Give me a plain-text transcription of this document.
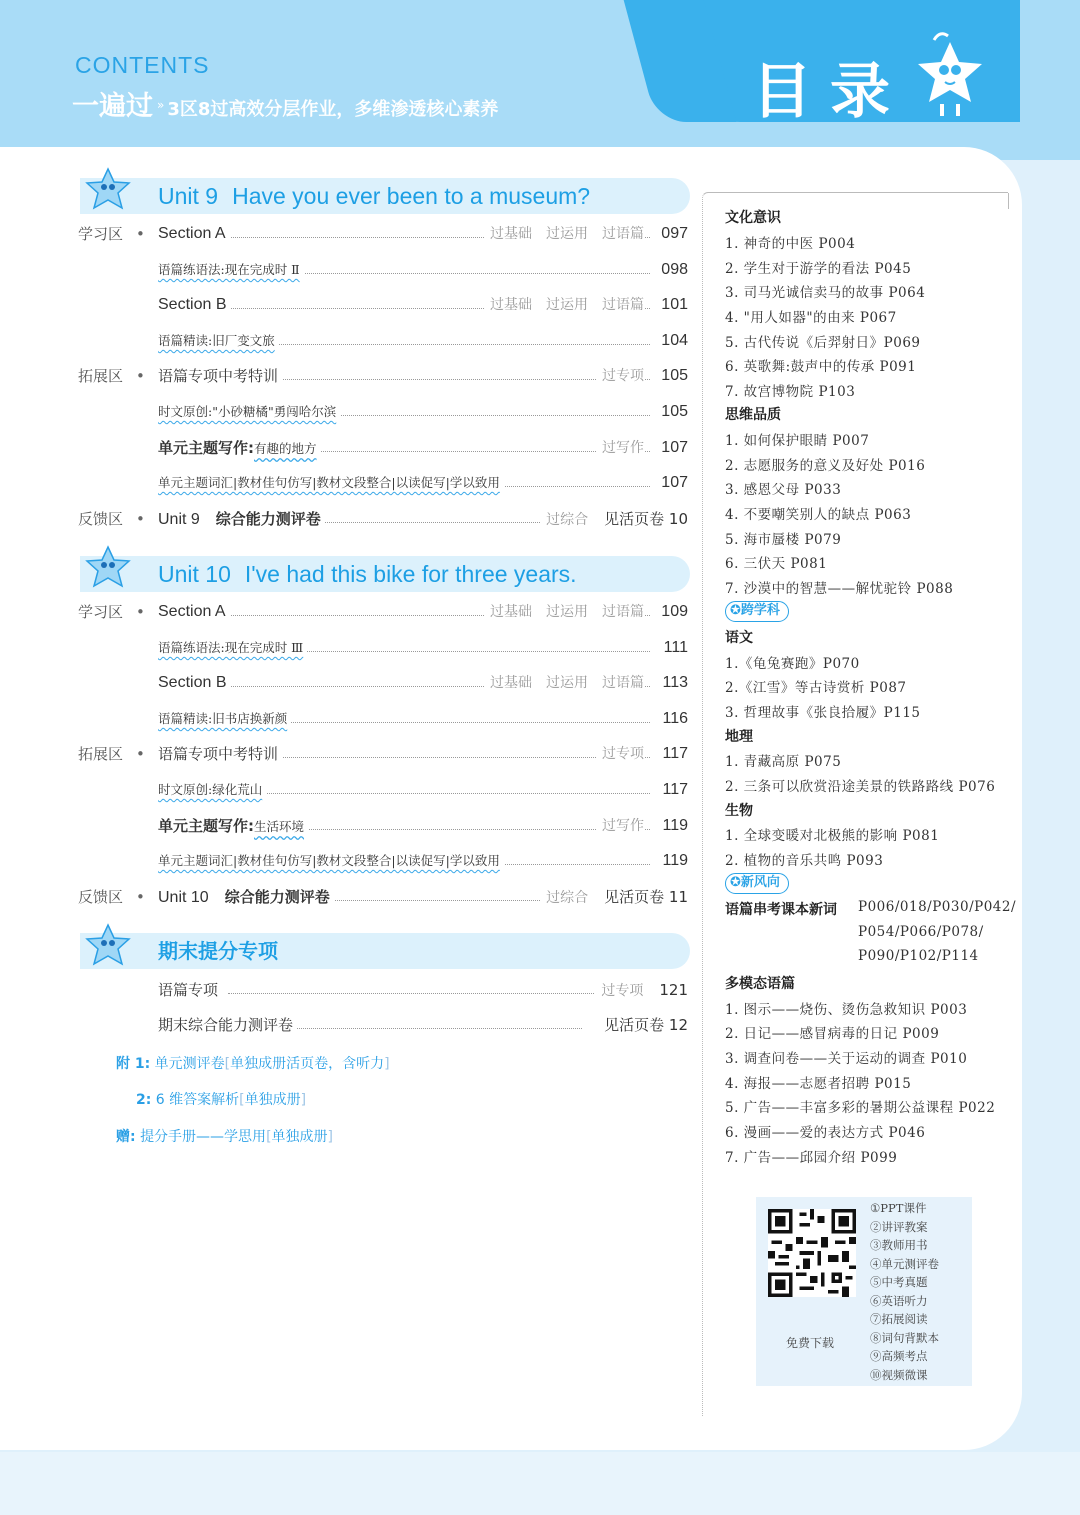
CONTENTS
一遍过 » 3区8过高效分层作业，多维渗透核心素养	目录
Unit 9 Have you ever been to a museum?
学习区 • Section A	过基础 过运用 过语篇	097
语篇练语法:现在完成时 Ⅱ	098
Section B	过基础 过运用 过语篇	101
语篇精读:旧厂变文旅	104
拓展区 • 语篇专项中考特训	过专项	105
时文原创:"小砂糖橘"勇闯哈尔滨	105
单元主题写作:有趣的地方	过写作	107
单元主题词汇|教材佳句仿写|教材文段整合|以读促写|学以致用	107
反馈区 • Unit 9 综合能力测评卷	过综合 见活页卷 10
Unit 10 I've had this bike for three years.
学习区 • Section A	过基础 过运用 过语篇	109
语篇练语法:现在完成时 Ⅲ	111
Section B	过基础 过运用 过语篇	113
语篇精读:旧书店换新颜	116
拓展区 • 语篇专项中考特训	过专项	117
时文原创:绿化荒山	117
单元主题写作:生活环境	过写作	119
单元主题词汇|教材佳句仿写|教材文段整合|以读促写|学以致用	119
反馈区 • Unit 10 综合能力测评卷	过综合 见活页卷 11
期末提分专项
语篇专项	过专项 121
期末综合能力测评卷	见活页卷 12
附 1: 单元测评卷[单独成册活页卷，含听力]
2: 6 维答案解析[单独成册]
赠: 提分手册——学思用[单独成册]
文化意识
1. 神奇的中医 P004
2. 学生对于游学的看法 P045
3. 司马光诚信卖马的故事 P064
4. "用人如器"的由来 P067
5. 古代传说《后羿射日》P069
6. 英歌舞:鼓声中的传承 P091
7. 故宫博物院 P103
思维品质
1. 如何保护眼睛 P007
2. 志愿服务的意义及好处 P016
3. 感恩父母 P033
4. 不要嘲笑别人的缺点 P063
5. 海市蜃楼 P079
6. 三伏天 P081
7. 沙漠中的智慧——解忧驼铃 P088
✪跨学科
语文
1.《龟兔赛跑》P070
2.《江雪》等古诗赏析 P087
3. 哲理故事《张良拾履》P115
地理
1. 青藏高原 P075
2. 三条可以欣赏沿途美景的铁路路线 P076
生物
1. 全球变暖对北极熊的影响 P081
2. 植物的音乐共鸣 P093
✪新风向
语篇串考课本新词 P006/018/P030/P042/
P054/P066/P078/
P090/P102/P114
多模态语篇
1. 图示——烧伤、烫伤急救知识 P003
2. 日记——感冒病毒的日记 P009
3. 调查问卷——关于运动的调查 P010
4. 海报——志愿者招聘 P015
5. 广告——丰富多彩的暑期公益课程 P022
6. 漫画——爱的表达方式 P046
7. 广告——邱园介绍 P099
免费下载
①PPT课件
②讲评教案
③教师用书
④单元测评卷
⑤中考真题
⑥英语听力
⑦拓展阅读
⑧词句背默本
⑨高频考点
⑩视频微课
